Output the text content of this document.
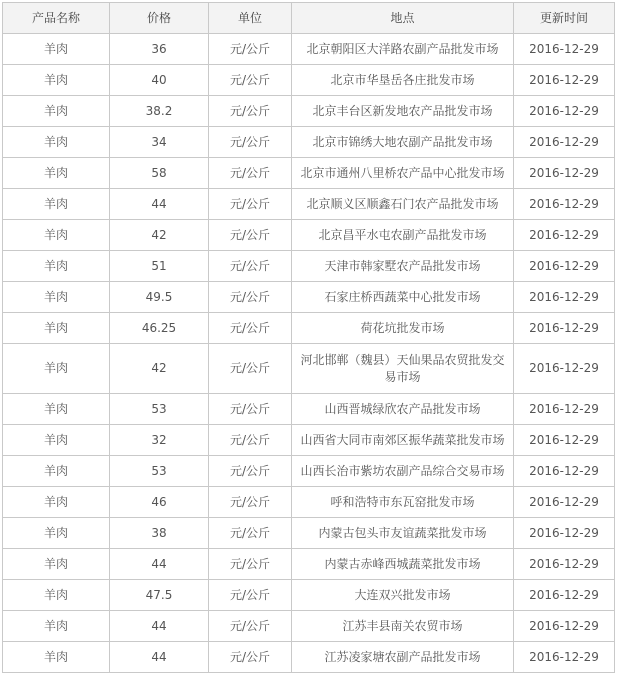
产品名称	价格	单位	地点	更新时间
羊肉	36	元/公斤	北京朝阳区大洋路农副产品批发市场	2016-12-29
羊肉	40	元/公斤	北京市华垦岳各庄批发市场	2016-12-29
羊肉	38.2	元/公斤	北京丰台区新发地农产品批发市场	2016-12-29
羊肉	34	元/公斤	北京市锦绣大地农副产品批发市场	2016-12-29
羊肉	58	元/公斤	北京市通州八里桥农产品中心批发市场	2016-12-29
羊肉	44	元/公斤	北京顺义区顺鑫石门农产品批发市场	2016-12-29
羊肉	42	元/公斤	北京昌平水屯农副产品批发市场	2016-12-29
羊肉	51	元/公斤	天津市韩家墅农产品批发市场	2016-12-29
羊肉	49.5	元/公斤	石家庄桥西蔬菜中心批发市场	2016-12-29
羊肉	46.25	元/公斤	荷花坑批发市场	2016-12-29
羊肉	42	元/公斤	河北邯郸（魏县）天仙果品农贸批发交易市场	2016-12-29
羊肉	53	元/公斤	山西晋城绿欣农产品批发市场	2016-12-29
羊肉	32	元/公斤	山西省大同市南郊区振华蔬菜批发市场	2016-12-29
羊肉	53	元/公斤	山西长治市紫坊农副产品综合交易市场	2016-12-29
羊肉	46	元/公斤	呼和浩特市东瓦窑批发市场	2016-12-29
羊肉	38	元/公斤	内蒙古包头市友谊蔬菜批发市场	2016-12-29
羊肉	44	元/公斤	内蒙古赤峰西城蔬菜批发市场	2016-12-29
羊肉	47.5	元/公斤	大连双兴批发市场	2016-12-29
羊肉	44	元/公斤	江苏丰县南关农贸市场	2016-12-29
羊肉	44	元/公斤	江苏凌家塘农副产品批发市场	2016-12-29
